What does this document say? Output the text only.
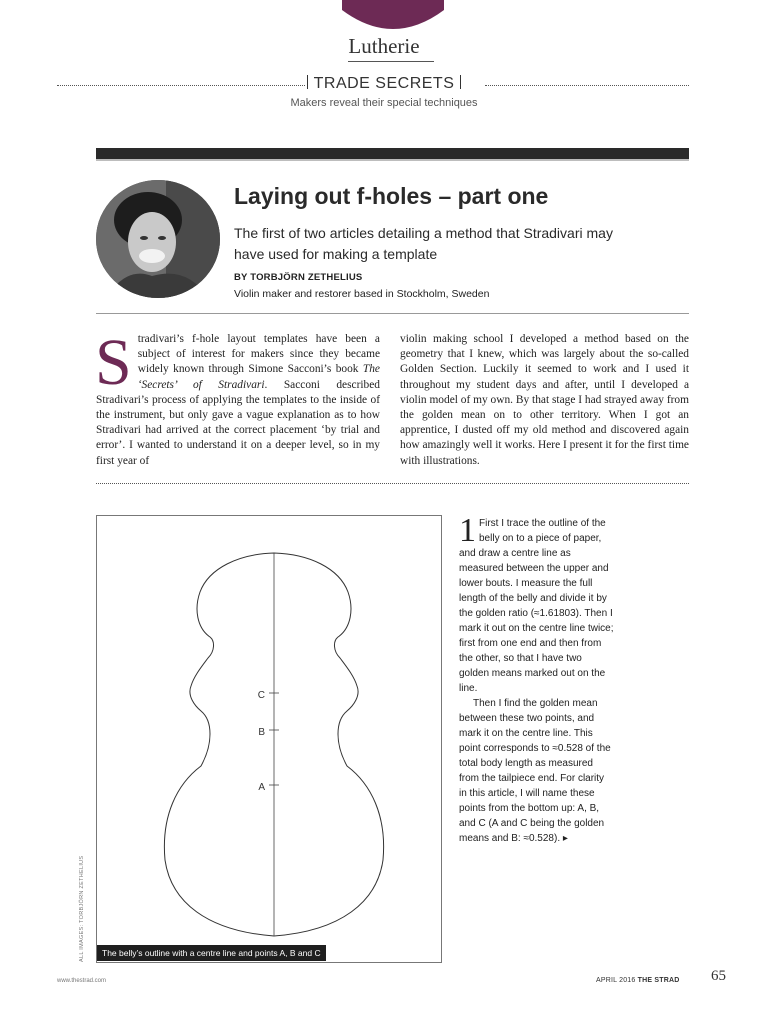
Lutherie
TRADE SECRETS
Makers reveal their special techniques
Laying out f-holes – part one
The first of two articles detailing a method that Stradivari may have used for making a template
BY TORBJÖRN ZETHELIUS
Violin maker and restorer based in Stockholm, Sweden
Stradivari’s f-hole layout templates have been a subject of interest for makers since they became widely known through Simone Sacconi’s book The ‘Secrets’ of Stradivari. Sacconi described Stradivari’s process of applying the templates to the inside of the instrument, but only gave a vague explanation as to how Stradivari had arrived at the correct placement ‘by trial and error’. I wanted to understand it on a deeper level, so in my first year of
violin making school I developed a method based on the geometry that I knew, which was largely about the so-called Golden Section. Luckily it seemed to work and I used it throughout my student days and after, until I developed a violin model of my own. By that stage I had strayed away from the golden mean on to other territory. When I got an apprentice, I dusted off my old method and discovered again how amazingly well it works. Here I present it for the first time with illustrations.
C
B
A
The belly’s outline with a centre line and points A, B and C
ALL IMAGES: TORBJÖRN ZETHELIUS
1 First I trace the outline of the belly on to a piece of paper, and draw a centre line as measured between the upper and lower bouts. I measure the full length of the belly and divide it by the golden ratio (≈1.61803). Then I mark it out on the centre line twice; first from one end and then from the other, so that I have two golden means marked out on the line.

Then I find the golden mean between these two points, and mark it on the centre line. This point corresponds to ≈0.528 of the total body length as measured from the tailpiece end. For clarity in this article, I will name these points from the bottom up: A, B, and C (A and C being the golden means and B: ≈0.528). ▸

www.thestrad.com	APRIL 2016 THE STRAD 65
